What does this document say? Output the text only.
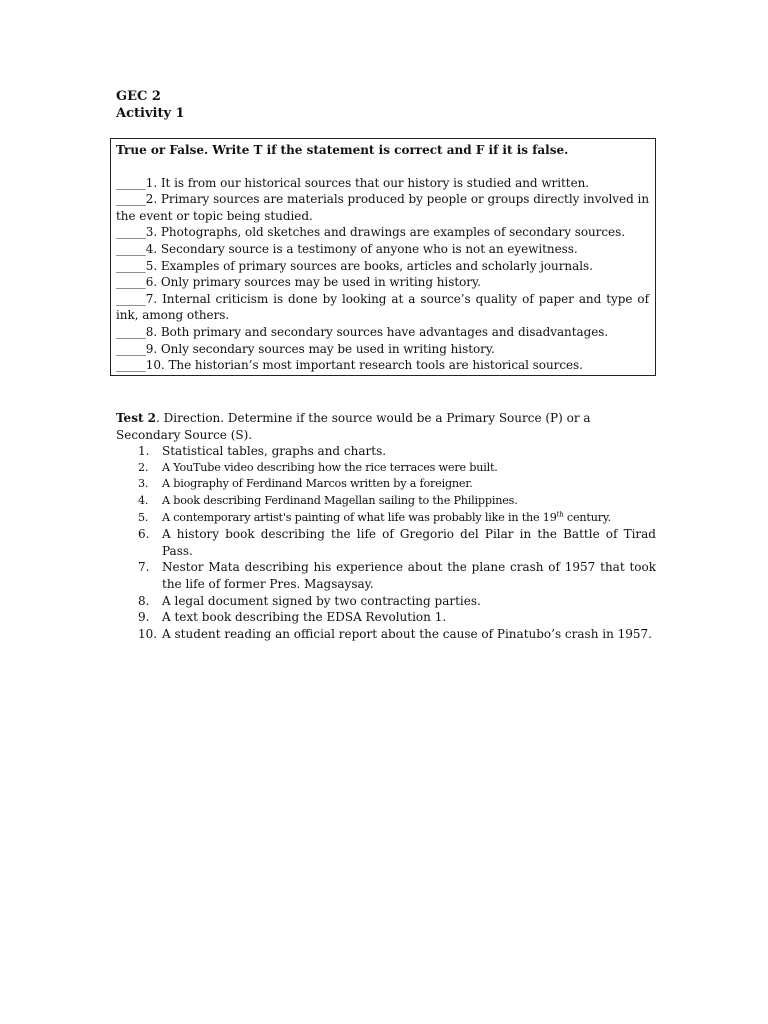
GEC 2
Activity 1
True or False. Write T if the statement is correct and F if it is false.
_____1. It is from our historical sources that our history is studied and written.
_____2. Primary sources are materials produced by people or groups directly involved in the event or topic being studied.
_____3. Photographs, old sketches and drawings are examples of secondary sources.
_____4. Secondary source is a testimony of anyone who is not an eyewitness.
_____5. Examples of primary sources are books, articles and scholarly journals.
_____6. Only primary sources may be used in writing history.
_____7. Internal criticism is done by looking at a source’s quality of paper and type of ink, among others.
_____8. Both primary and secondary sources have advantages and disadvantages.
_____9. Only secondary sources may be used in writing history.
_____10. The historian’s most important research tools are historical sources.
Test 2. Direction. Determine if the source would be a Primary Source (P) or a Secondary Source (S).
1.	Statistical tables, graphs and charts.
2.	A YouTube video describing how the rice terraces were built.
3.	A biography of Ferdinand Marcos written by a foreigner.
4.	A book describing Ferdinand Magellan sailing to the Philippines.
5.	A contemporary artist's painting of what life was probably like in the 19th century.
6.	A history book describing the life of Gregorio del Pilar in the Battle of Tirad Pass.
7.	Nestor Mata describing his experience about the plane crash of 1957 that took the life of former Pres. Magsaysay.
8.	A legal document signed by two contracting parties.
9.	A text book describing the EDSA Revolution 1.
10. A student reading an official report about the cause of Pinatubo’s crash in 1957.
